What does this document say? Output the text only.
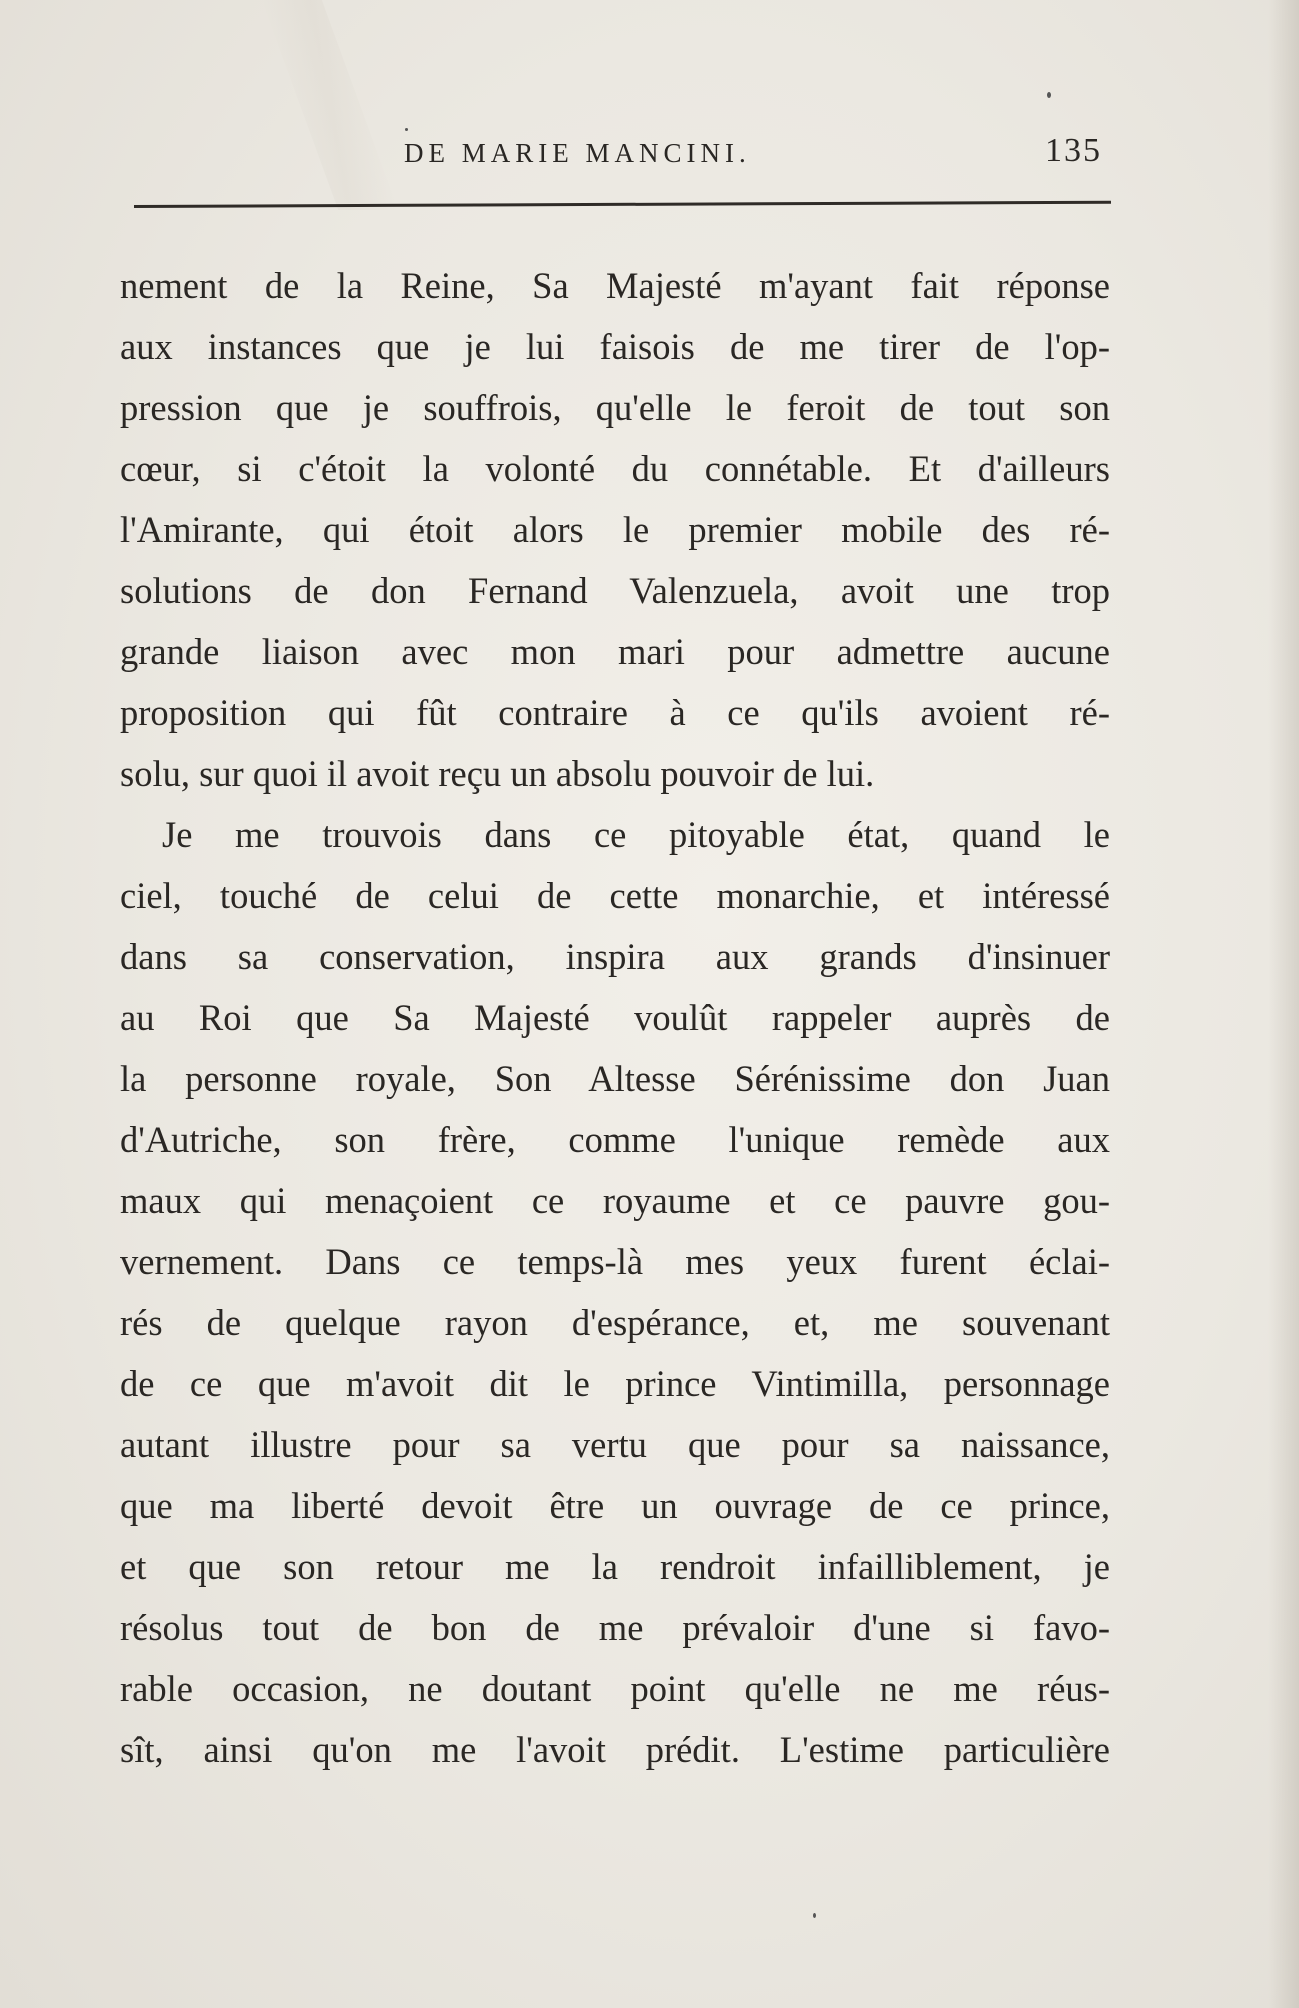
DE MARIE MANCINI.	135
nement de la Reine, Sa Majesté m'ayant fait réponse
aux instances que je lui faisois de me tirer de l'op-
pression que je souffrois, qu'elle le feroit de tout son
cœur, si c'étoit la volonté du connétable. Et d'ailleurs
l'Amirante, qui étoit alors le premier mobile des ré-
solutions de don Fernand Valenzuela, avoit une trop
grande liaison avec mon mari pour admettre aucune
proposition qui fût contraire à ce qu'ils avoient ré-
solu, sur quoi il avoit reçu un absolu pouvoir de lui.
Je me trouvois dans ce pitoyable état, quand le
ciel, touché de celui de cette monarchie, et intéressé
dans sa conservation, inspira aux grands d'insinuer
au Roi que Sa Majesté voulût rappeler auprès de
la personne royale, Son Altesse Sérénissime don Juan
d'Autriche, son frère, comme l'unique remède aux
maux qui menaçoient ce royaume et ce pauvre gou-
vernement. Dans ce temps-là mes yeux furent éclai-
rés de quelque rayon d'espérance, et, me souvenant
de ce que m'avoit dit le prince Vintimilla, personnage
autant illustre pour sa vertu que pour sa naissance,
que ma liberté devoit être un ouvrage de ce prince,
et que son retour me la rendroit infailliblement, je
résolus tout de bon de me prévaloir d'une si favo-
rable occasion, ne doutant point qu'elle ne me réus-
sît, ainsi qu'on me l'avoit prédit. L'estime particulière
